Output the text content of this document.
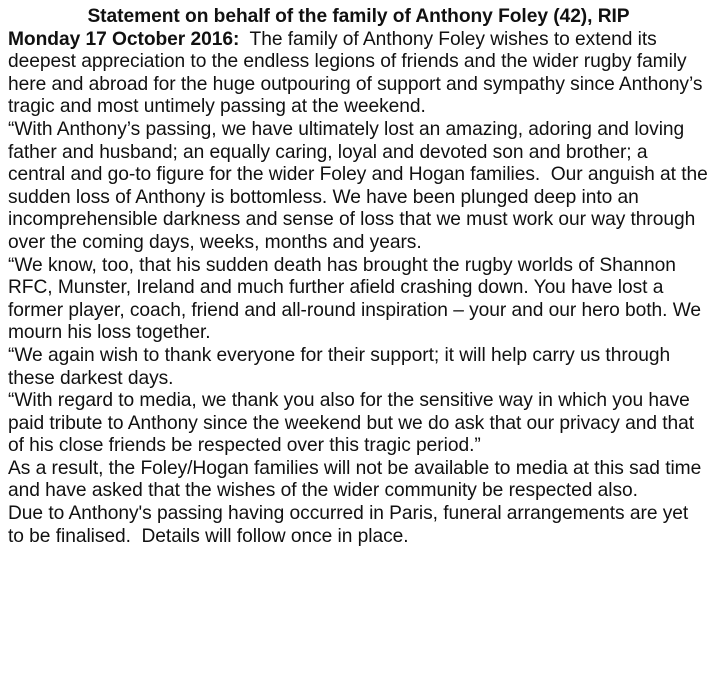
Statement on behalf of the family of Anthony Foley (42), RIP

Monday 17 October 2016:  The family of Anthony Foley wishes to extend its deepest appreciation to the endless legions of friends and the wider rugby family here and abroad for the huge outpouring of support and sympathy since Anthony’s tragic and most untimely passing at the weekend.

“With Anthony’s passing, we have ultimately lost an amazing, adoring and loving father and husband; an equally caring, loyal and devoted son and brother; a central and go-to figure for the wider Foley and Hogan families.  Our anguish at the sudden loss of Anthony is bottomless. We have been plunged deep into an incomprehensible darkness and sense of loss that we must work our way through over the coming days, weeks, months and years.

“We know, too, that his sudden death has brought the rugby worlds of Shannon RFC, Munster, Ireland and much further afield crashing down. You have lost a former player, coach, friend and all-round inspiration – your and our hero both. We mourn his loss together.

“We again wish to thank everyone for their support; it will help carry us through these darkest days.

“With regard to media, we thank you also for the sensitive way in which you have paid tribute to Anthony since the weekend but we do ask that our privacy and that of his close friends be respected over this tragic period.”

As a result, the Foley/Hogan families will not be available to media at this sad time and have asked that the wishes of the wider community be respected also.

Due to Anthony's passing having occurred in Paris, funeral arrangements are yet to be finalised.  Details will follow once in place.
